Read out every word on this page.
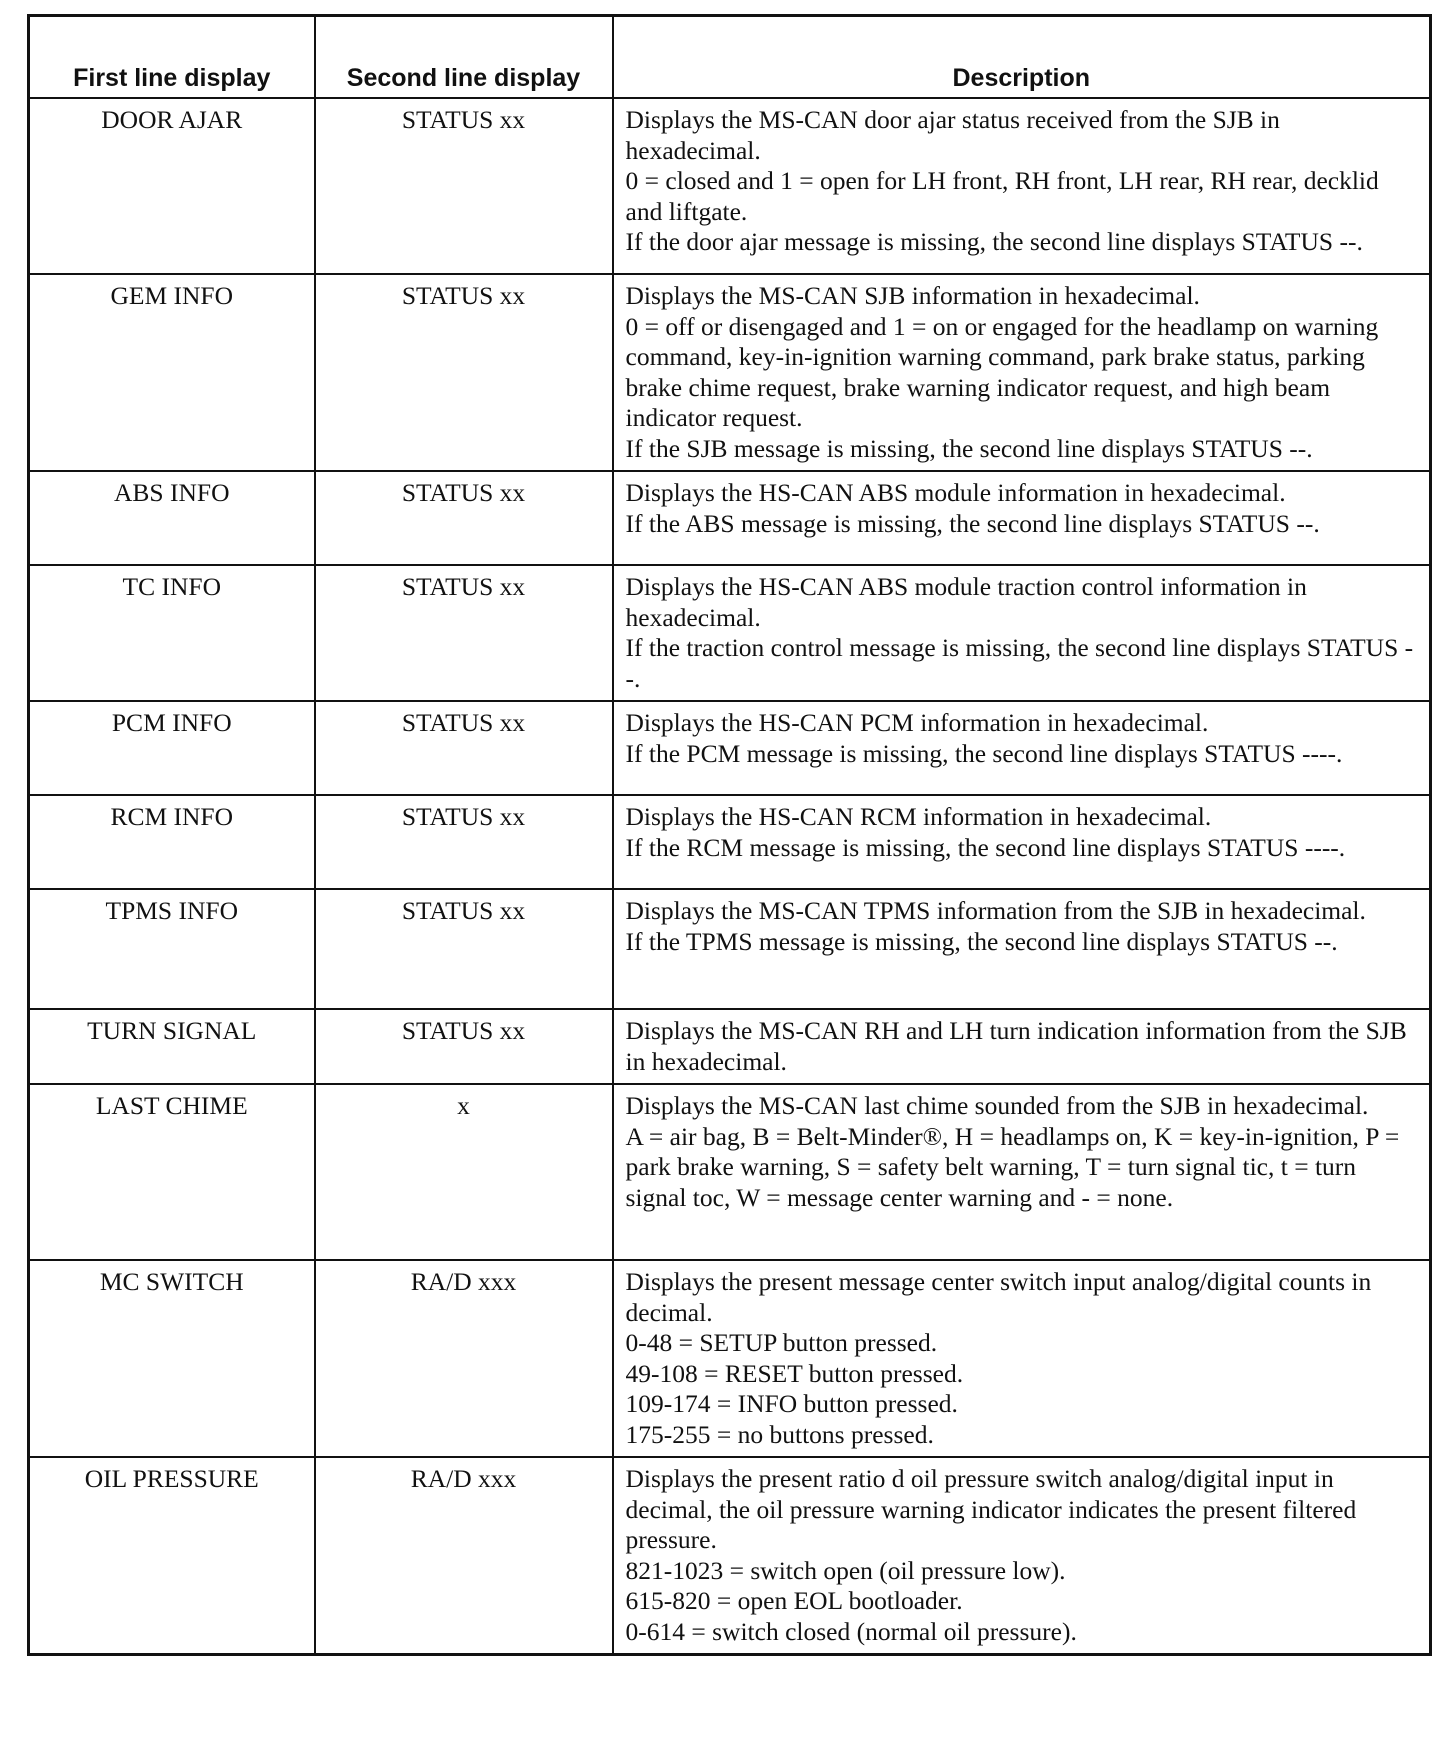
First line display	Second line display	Description
DOOR AJAR	STATUS xx	Displays the MS-CAN door ajar status received from the SJB in hexadecimal.
0 = closed and 1 = open for LH front, RH front, LH rear, RH rear, decklid and liftgate.
If the door ajar message is missing, the second line displays STATUS --.

GEM INFO	STATUS xx	Displays the MS-CAN SJB information in hexadecimal.
0 = off or disengaged and 1 = on or engaged for the headlamp on warning command, key-in-ignition warning command, park brake status, parking brake chime request, brake warning indicator request, and high beam indicator request.
If the SJB message is missing, the second line displays STATUS --.

ABS INFO	STATUS xx	Displays the HS-CAN ABS module information in hexadecimal.
If the ABS message is missing, the second line displays STATUS --.

TC INFO	STATUS xx	Displays the HS-CAN ABS module traction control information in hexadecimal.
If the traction control message is missing, the second line displays STATUS --.

PCM INFO	STATUS xx	Displays the HS-CAN PCM information in hexadecimal.
If the PCM message is missing, the second line displays STATUS ----.

RCM INFO	STATUS xx	Displays the HS-CAN RCM information in hexadecimal.
If the RCM message is missing, the second line displays STATUS ----.

TPMS INFO	STATUS xx	Displays the MS-CAN TPMS information from the SJB in hexadecimal.
If the TPMS message is missing, the second line displays STATUS --.

TURN SIGNAL	STATUS xx	Displays the MS-CAN RH and LH turn indication information from the SJB in hexadecimal.

LAST CHIME	x	Displays the MS-CAN last chime sounded from the SJB in hexadecimal.
A = air bag, B = Belt-Minder®, H = headlamps on, K = key-in-ignition, P = park brake warning, S = safety belt warning, T = turn signal tic, t = turn signal toc, W = message center warning and - = none.

MC SWITCH	RA/D xxx	Displays the present message center switch input analog/digital counts in decimal.
0-48 = SETUP button pressed.
49-108 = RESET button pressed.
109-174 = INFO button pressed.
175-255 = no buttons pressed.

OIL PRESSURE	RA/D xxx	Displays the present ratio d oil pressure switch analog/digital input in decimal, the oil pressure warning indicator indicates the present filtered pressure.
821-1023 = switch open (oil pressure low).
615-820 = open EOL bootloader.
0-614 = switch closed (normal oil pressure).
